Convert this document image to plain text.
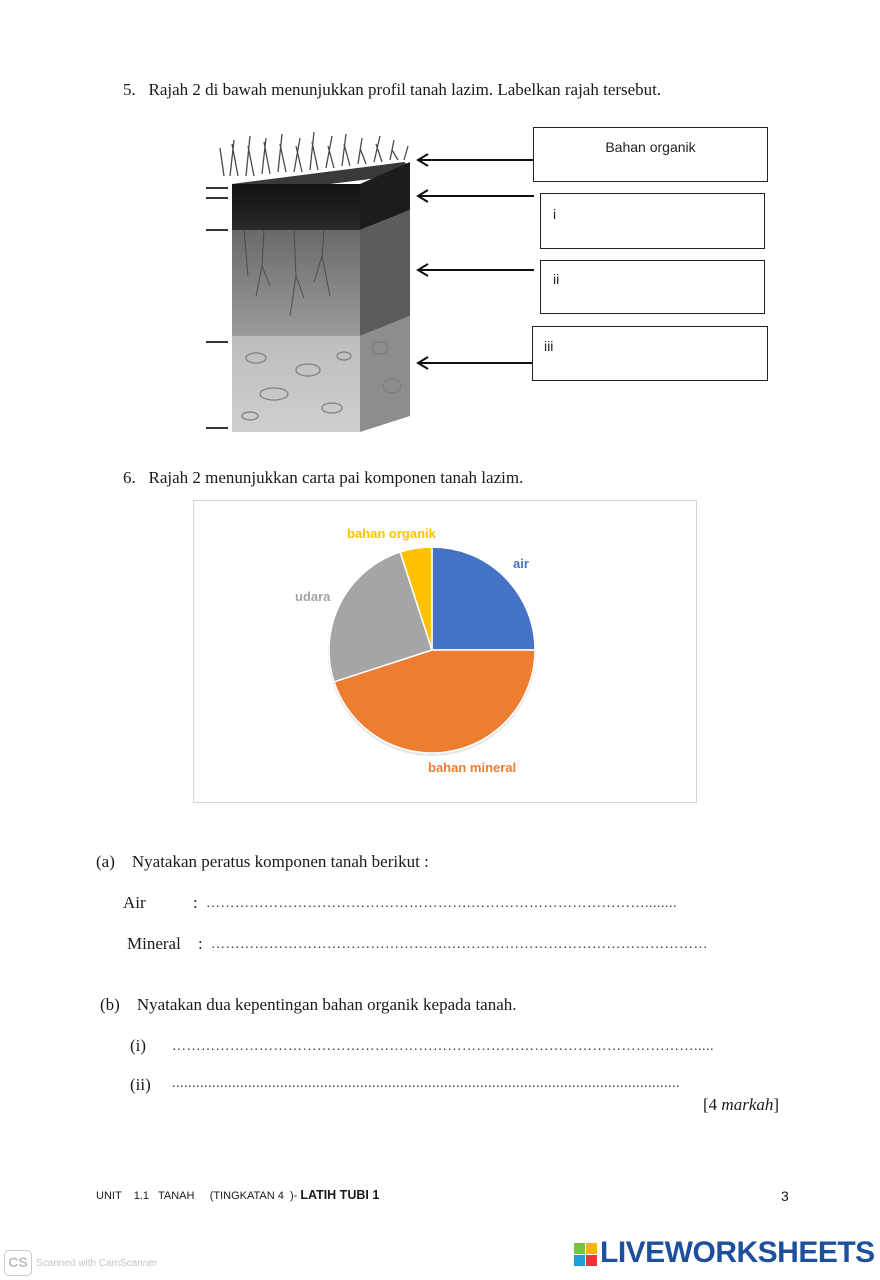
5. Rajah 2 di bawah menunjukkan profil tanah lazim. Labelkan rajah tersebut.
Bahan organik
i
ii
iii
6. Rajah 2 menunjukkan carta pai komponen tanah lazim.
air
bahan mineral
udara
bahan organik
(a) Nyatakan peratus komponen tanah berikut :
Air	: ……………………………………………….………………………………........
Mineral : ………………………………………….………………………………………………
(b) Nyatakan dua kepentingan bahan organik kepada tanah.
(i) ……………………………………………………………………………………………….....
(ii) ...............................................................................................................................
[4 markah]
UNIT    1.1   TANAH     (TINGKATAN 4  )- LATIH TUBI 1	3
CS Scanned with CamScanner	LIVEWORKSHEETS
